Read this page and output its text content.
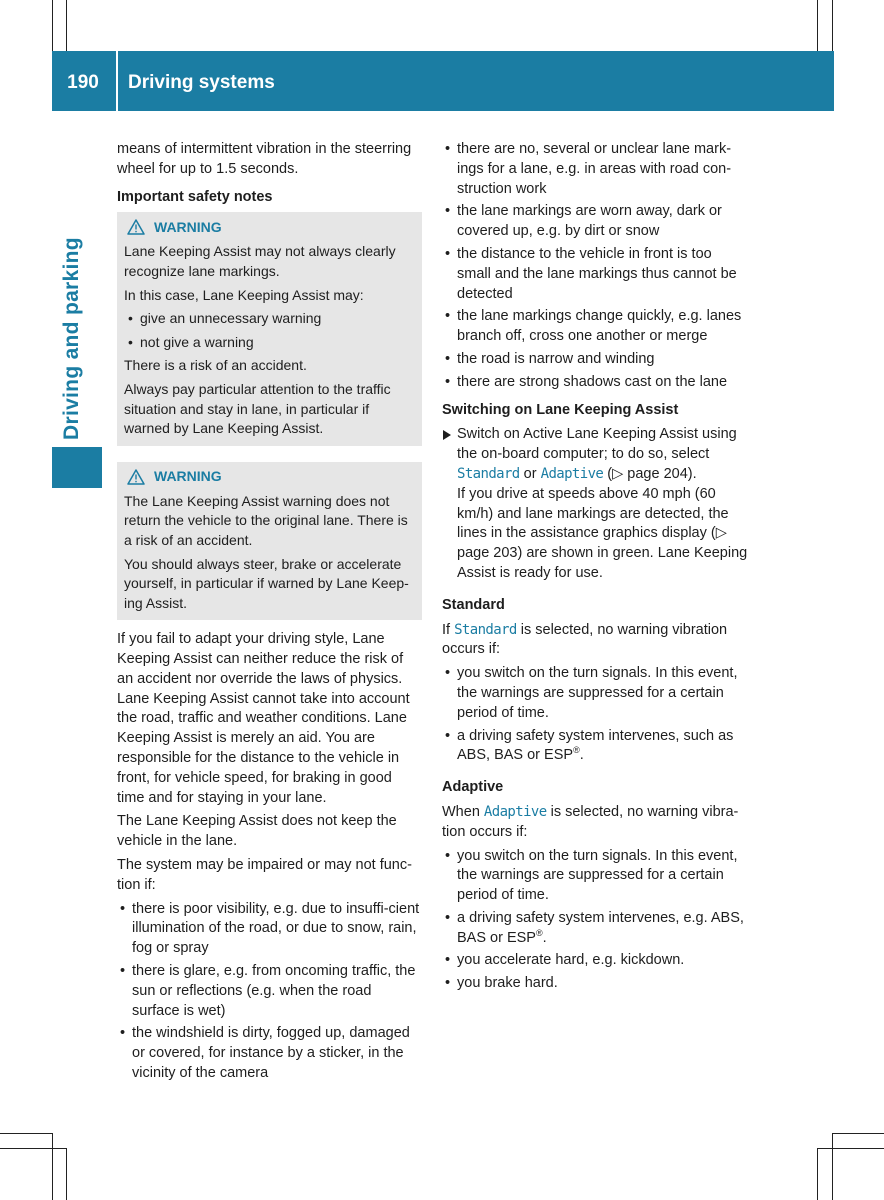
190	Driving systems
Driving and parking

means of intermittent vibration in the steerring wheel for up to 1.5 seconds.

Important safety notes

WARNING

Lane Keeping Assist may not always clearly recognize lane markings.

In this case, Lane Keeping Assist may:

• give an unnecessary warning
• not give a warning

There is a risk of an accident.

Always pay particular attention to the traffic situation and stay in lane, in particular if warned by Lane Keeping Assist.

WARNING

The Lane Keeping Assist warning does not return the vehicle to the original lane. There is a risk of an accident.

You should always steer, brake or accelerate yourself, in particular if warned by Lane Keep-ing Assist.

If you fail to adapt your driving style, Lane Keeping Assist can neither reduce the risk of an accident nor override the laws of physics. Lane Keeping Assist cannot take into account the road, traffic and weather conditions. Lane Keeping Assist is merely an aid. You are responsible for the distance to the vehicle in front, for vehicle speed, for braking in good time and for staying in your lane.

The Lane Keeping Assist does not keep the vehicle in the lane.

The system may be impaired or may not func-tion if:

• there is poor visibility, e.g. due to insuffi-cient illumination of the road, or due to snow, rain, fog or spray
• there is glare, e.g. from oncoming traffic, the sun or reflections (e.g. when the road surface is wet)
• the windshield is dirty, fogged up, damaged or covered, for instance by a sticker, in the vicinity of the camera
• there are no, several or unclear lane mark-ings for a lane, e.g. in areas with road con-struction work
• the lane markings are worn away, dark or covered up, e.g. by dirt or snow
• the distance to the vehicle in front is too small and the lane markings thus cannot be detected
• the lane markings change quickly, e.g. lanes branch off, cross one another or merge
• the road is narrow and winding
• there are strong shadows cast on the lane

Switching on Lane Keeping Assist

Switch on Active Lane Keeping Assist using the on-board computer; to do so, select Standard or Adaptive (▷ page 204).
If you drive at speeds above 40 mph (60 km/h) and lane markings are detected, the lines in the assistance graphics display (▷ page 203) are shown in green. Lane Keeping Assist is ready for use.

Standard

If Standard is selected, no warning vibration occurs if:

• you switch on the turn signals. In this event, the warnings are suppressed for a certain period of time.
• a driving safety system intervenes, such as ABS, BAS or ESP®.

Adaptive

When Adaptive is selected, no warning vibra-tion occurs if:

• you switch on the turn signals. In this event, the warnings are suppressed for a certain period of time.
• a driving safety system intervenes, e.g. ABS, BAS or ESP®.
• you accelerate hard, e.g. kickdown.
• you brake hard.
